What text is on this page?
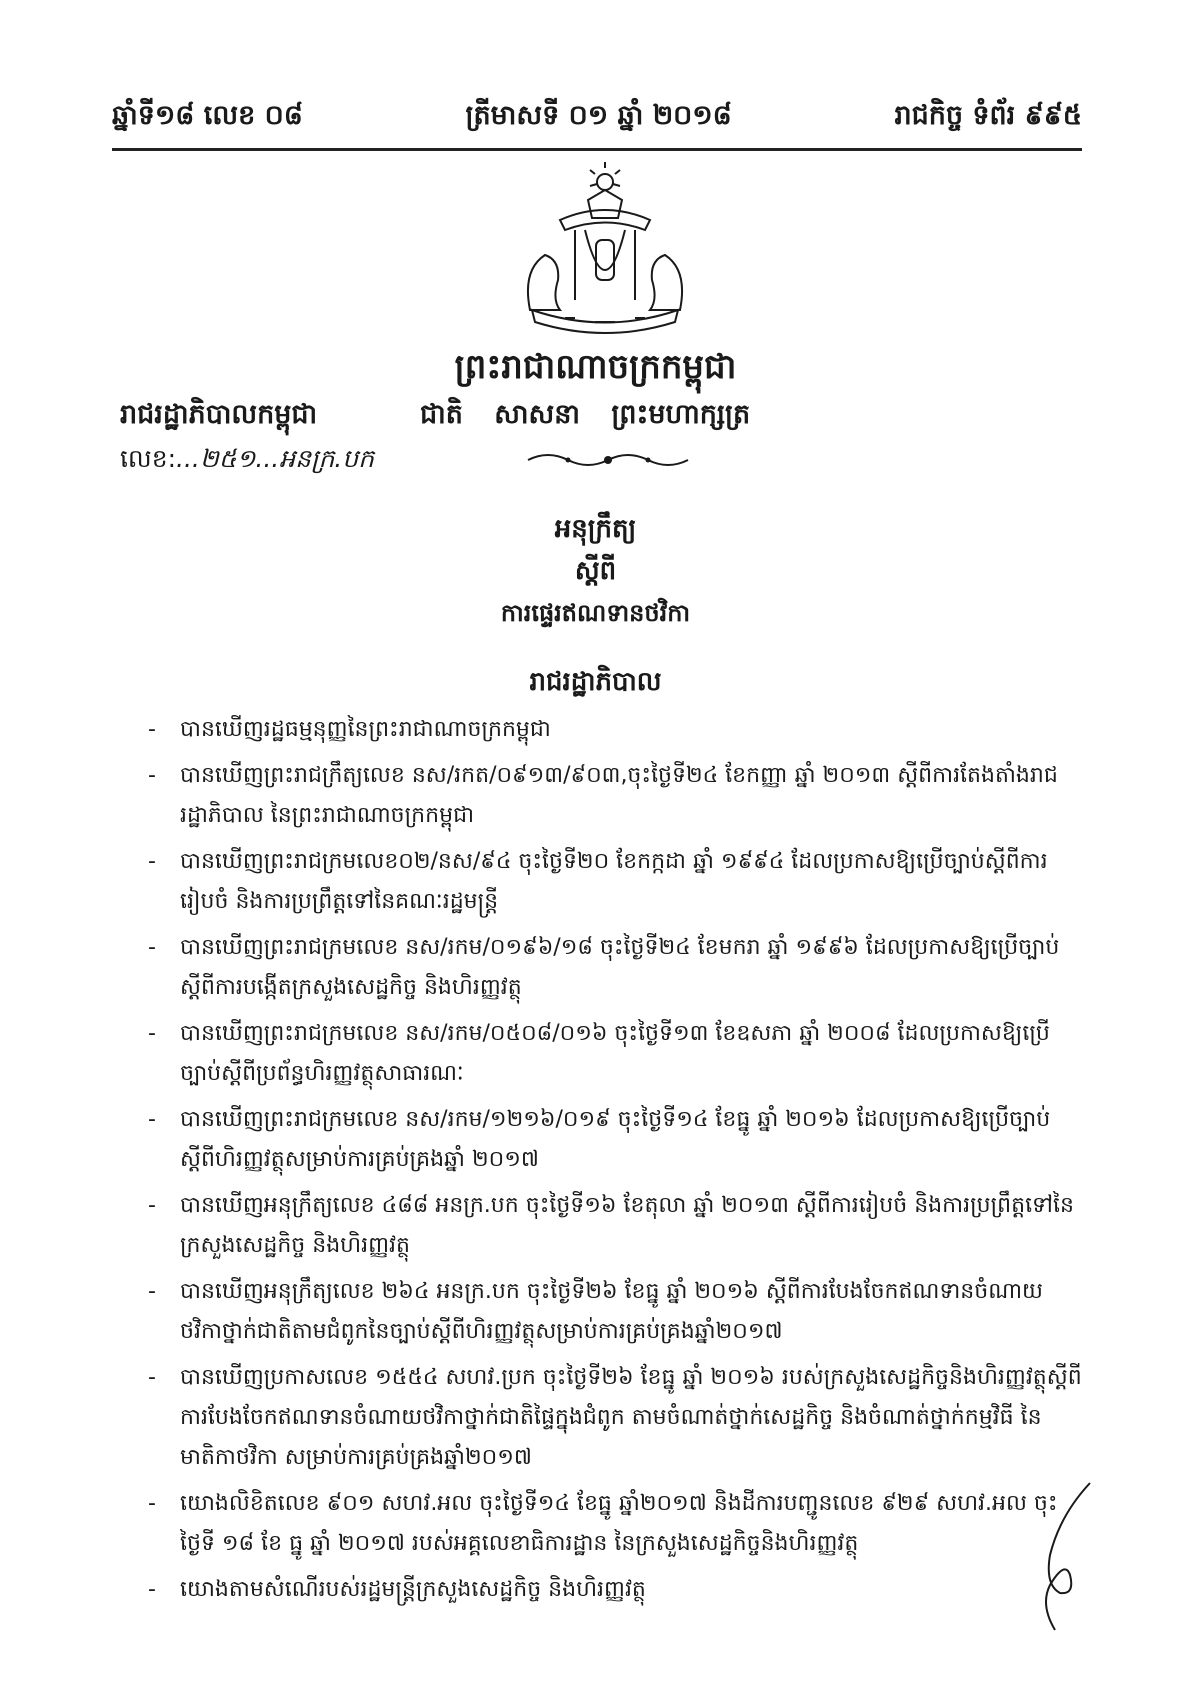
ឆ្នាំទី១៨ លេខ ០៨	ត្រីមាសទី ០១ ឆ្នាំ ២០១៨	រាជកិច្ច ទំព័រ ៩៩៥
ព្រះរាជាណាចក្រកម្ពុជា
រាជរដ្ឋាភិបាលកម្ពុជា	ជាតិ សាសនា ព្រះមហាក្សត្រ
លេខ:...២៥១...អនក្រ.បក
អនុក្រឹត្យ
ស្តីពី
ការផ្ទេរឥណទានថវិកា
រាជរដ្ឋាភិបាល
- បានឃើញរដ្ឋធម្មនុញ្ញនៃព្រះរាជាណាចក្រកម្ពុជា
- បានឃើញព្រះរាជក្រឹត្យលេខ នស/រកត/០៩១៣/៩០៣,ចុះថ្ងៃទី២៤ ខែកញ្ញា ឆ្នាំ ២០១៣ ស្តីពីការតែងតាំងរាជរដ្ឋាភិបាល នៃព្រះរាជាណាចក្រកម្ពុជា
- បានឃើញព្រះរាជក្រមលេខ០២/នស/៩៤ ចុះថ្ងៃទី២០ ខែកក្កដា ឆ្នាំ ១៩៩៤ ដែលប្រកាសឱ្យប្រើច្បាប់ស្តីពីការរៀបចំ និងការប្រព្រឹត្តទៅនៃគណៈរដ្ឋមន្ត្រី
- បានឃើញព្រះរាជក្រមលេខ នស/រកម/០១៩៦/១៨ ចុះថ្ងៃទី២៤ ខែមករា ឆ្នាំ ១៩៩៦ ដែលប្រកាសឱ្យប្រើច្បាប់ស្តីពីការបង្កើតក្រសួងសេដ្ឋកិច្ច និងហិរញ្ញវត្ថុ
- បានឃើញព្រះរាជក្រមលេខ នស/រកម/០៥០៨/០១៦ ចុះថ្ងៃទី១៣ ខែឧសភា ឆ្នាំ ២០០៨ ដែលប្រកាសឱ្យប្រើច្បាប់ស្តីពីប្រព័ន្ធហិរញ្ញវត្ថុសាធារណៈ
- បានឃើញព្រះរាជក្រមលេខ នស/រកម/១២១៦/០១៩ ចុះថ្ងៃទី១៤ ខែធ្នូ ឆ្នាំ ២០១៦ ដែលប្រកាសឱ្យប្រើច្បាប់ស្តីពីហិរញ្ញវត្ថុសម្រាប់ការគ្រប់គ្រងឆ្នាំ ២០១៧
- បានឃើញអនុក្រឹត្យលេខ ៤៨៨ អនក្រ.បក ចុះថ្ងៃទី១៦ ខែតុលា ឆ្នាំ ២០១៣ ស្តីពីការរៀបចំ និងការប្រព្រឹត្តទៅនៃក្រសួងសេដ្ឋកិច្ច និងហិរញ្ញវត្ថុ
- បានឃើញអនុក្រឹត្យលេខ ២៦៤ អនក្រ.បក ចុះថ្ងៃទី២៦ ខែធ្នូ ឆ្នាំ ២០១៦ ស្តីពីការបែងចែកឥណទានចំណាយថវិកាថ្នាក់ជាតិតាមជំពូកនៃច្បាប់ស្តីពីហិរញ្ញវត្ថុសម្រាប់ការគ្រប់គ្រងឆ្នាំ២០១៧
- បានឃើញប្រកាសលេខ ១៥៥៤ សហវ.ប្រក ចុះថ្ងៃទី២៦ ខែធ្នូ ឆ្នាំ ២០១៦ របស់ក្រសួងសេដ្ឋកិច្ចនិងហិរញ្ញវត្ថុស្តីពីការបែងចែកឥណទានចំណាយថវិកាថ្នាក់ជាតិផ្ទៃក្នុងជំពូក តាមចំណាត់ថ្នាក់សេដ្ឋកិច្ច និងចំណាត់ថ្នាក់កម្មវិធី នៃមាតិកាថវិកា សម្រាប់ការគ្រប់គ្រងឆ្នាំ២០១៧
- យោងលិខិតលេខ ៩០១ សហវ.អល ចុះថ្ងៃទី១៤ ខែធ្នូ ឆ្នាំ២០១៧ និងដីការបញ្ជូនលេខ ៩២៩ សហវ.អល ចុះថ្ងៃទី ១៨ ខែ ធ្នូ ឆ្នាំ ២០១៧ របស់អគ្គលេខាធិការដ្ឋាន នៃក្រសួងសេដ្ឋកិច្ចនិងហិរញ្ញវត្ថុ
- យោងតាមសំណើរបស់រដ្ឋមន្ត្រីក្រសួងសេដ្ឋកិច្ច និងហិរញ្ញវត្ថុ
